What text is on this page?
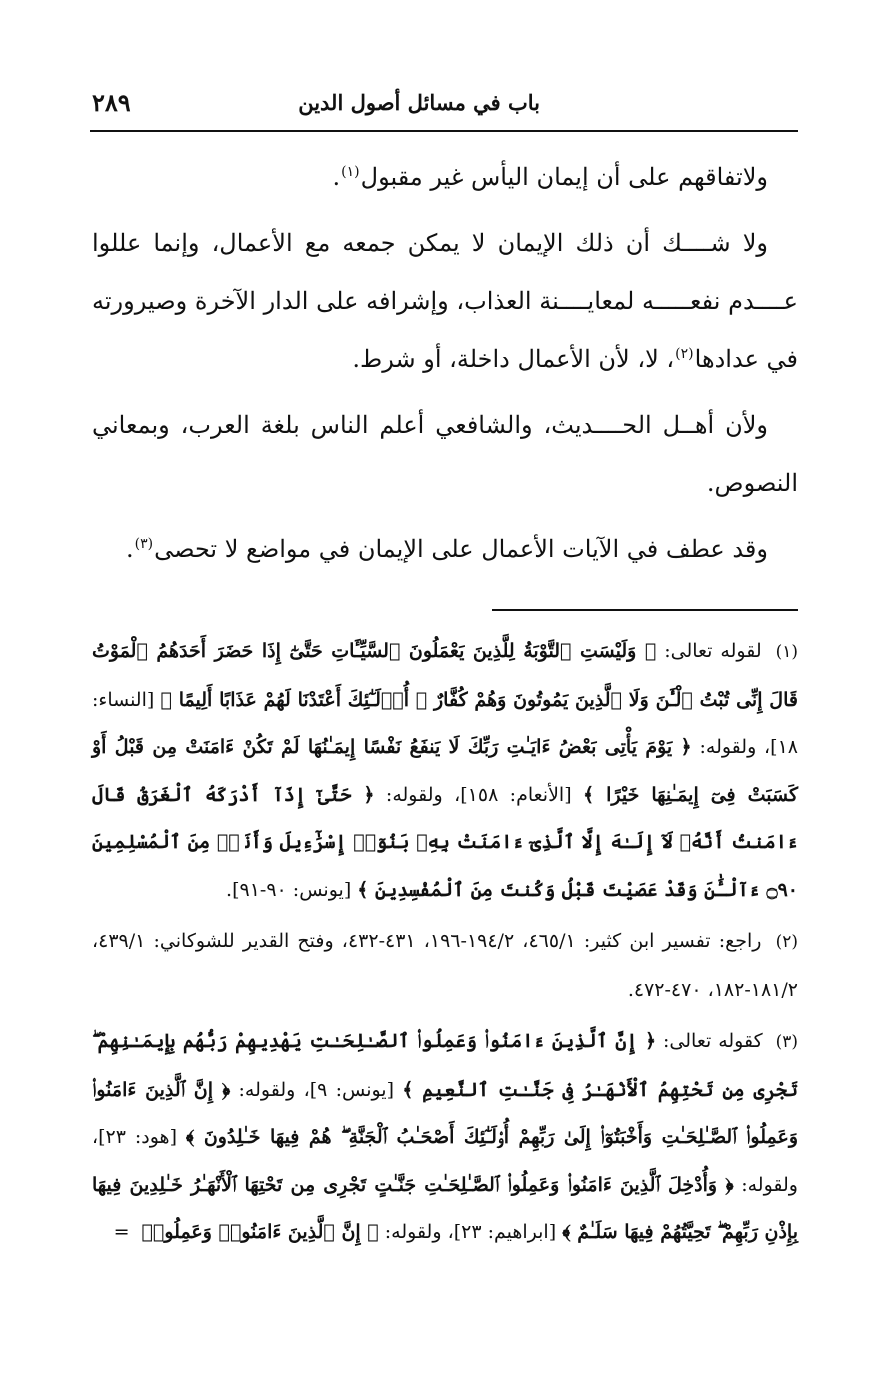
باب في مسائل أصول الدين
٢٨٩

ولاتفاقهم على أن إيمان اليأس غير مقبول$^{(١)}$.

ولا شــــك أن ذلك الإيمان لا يمكن جمعه مع الأعمال، وإنما عللوا عــــدم نفعـــــه لمعايــــنة العذاب، وإشرافه على الدار الآخرة وصيرورته في عدادها$^{(٢)}$، لا، لأن الأعمال داخلة، أو شرط.

ولأن أهــل الحــــديث، والشافعي أعلم الناس بلغة العرب، وبمعاني النصوص.

وقد عطف في الآيات الأعمال على الإيمان في مواضع لا تحصى$^{(٣)}$.

(١) لقوله تعالى: ﴿ وَلَيْسَتِ ٱلتَّوْبَةُ لِلَّذِينَ يَعْمَلُونَ ٱلسَّيِّـَٔاتِ حَتَّىٰٓ إِذَا حَضَرَ أَحَدَهُمُ ٱلْمَوْتُ قَالَ إِنِّى تُبْتُ ٱلْـَٰٔنَ وَلَا ٱلَّذِينَ يَمُوتُونَ وَهُمْ كُفَّارٌ ۚ أُو۟لَـٰٓئِكَ أَعْتَدْنَا لَهُمْ عَذَابًا أَلِيمًا ﴾ [النساء: ١٨]، ولقوله: ﴿ يَوْمَ يَأْتِى بَعْضُ ءَايَـٰتِ رَبِّكَ لَا يَنفَعُ نَفْسًا إِيمَـٰنُهَا لَمْ تَكُنْ ءَامَنَتْ مِن قَبْلُ أَوْ كَسَبَتْ فِىٓ إِيمَـٰنِهَا خَيْرًا ﴾ [الأنعام: ١٥٨]، ولقوله: ﴿ حَتَّىٰٓ إِذَآ أَدْرَكَهُ ٱلْغَرَقُ قَالَ ءَامَنتُ أَنَّهُۥ لَآ إِلَـٰهَ إِلَّا ٱلَّذِىٓ ءَامَنَتْ بِهِۦ بَنُوٓا۟ إِسْرَٰٓءِيلَ وَأَنَا۠ مِنَ ٱلْمُسْلِمِينَ ۝٩٠ ءَآلْـَٰٔنَ وَقَدْ عَصَيْتَ قَبْلُ وَكُنتَ مِنَ ٱلْمُفْسِدِينَ ﴾ [يونس: ٩٠-٩١].
(٢) راجع: تفسير ابن كثير: ٤٦٥/١، ١٩٤/٢-١٩٦، ٤٣١-٤٣٢، وفتح القدير للشوكاني: ٤٣٩/١، ١٨١/٢-١٨٢، ٤٧٠-٤٧٢.
(٣) كقوله تعالى: ﴿ إِنَّ ٱلَّذِينَ ءَامَنُوا۟ وَعَمِلُوا۟ ٱلصَّـٰلِحَـٰتِ يَهْدِيهِمْ رَبُّهُم بِإِيمَـٰنِهِمْ ۖ تَجْرِى مِن تَحْتِهِمُ ٱلْأَنْهَـٰرُ فِى جَنَّـٰتِ ٱلنَّعِيمِ ﴾ [يونس: ٩]، ولقوله: ﴿ إِنَّ ٱلَّذِينَ ءَامَنُوا۟ وَعَمِلُوا۟ ٱلصَّـٰلِحَـٰتِ وَأَخْبَتُوٓا۟ إِلَىٰ رَبِّهِمْ أُو۟لَـٰٓئِكَ أَصْحَـٰبُ ٱلْجَنَّةِ ۖ هُمْ فِيهَا خَـٰلِدُونَ ﴾ [هود: ٢٣]، ولقوله: ﴿ وَأُدْخِلَ ٱلَّذِينَ ءَامَنُوا۟ وَعَمِلُوا۟ ٱلصَّـٰلِحَـٰتِ جَنَّـٰتٍ تَجْرِى مِن تَحْتِهَا ٱلْأَنْهَـٰرُ خَـٰلِدِينَ فِيهَا بِإِذْنِ رَبِّهِمْ ۖ تَحِيَّتُهُمْ فِيهَا سَلَـٰمٌ ﴾ [ابراهيم: ٢٣]، ولقوله: ﴿ إِنَّ ٱلَّذِينَ ءَامَنُوا۟ وَعَمِلُوا۟ =
